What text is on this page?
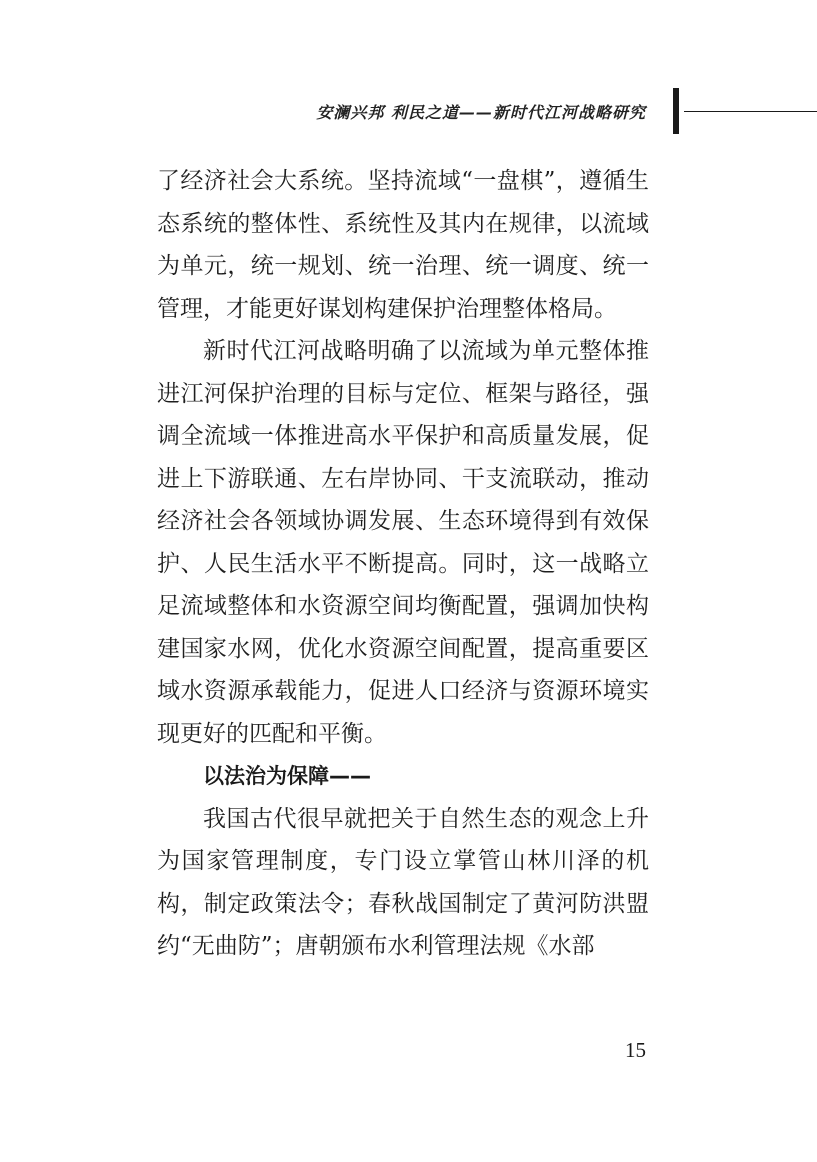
安澜兴邦 利民之道——新时代江河战略研究

了经济社会大系统。坚持流域“一盘棋”，遵循生态系统的整体性、系统性及其内在规律，以流域为单元，统一规划、统一治理、统一调度、统一管理，才能更好谋划构建保护治理整体格局。

新时代江河战略明确了以流域为单元整体推进江河保护治理的目标与定位、框架与路径，强调全流域一体推进高水平保护和高质量发展，促进上下游联通、左右岸协同、干支流联动，推动经济社会各领域协调发展、生态环境得到有效保护、人民生活水平不断提高。同时，这一战略立足流域整体和水资源空间均衡配置，强调加快构建国家水网，优化水资源空间配置，提高重要区域水资源承载能力，促进人口经济与资源环境实现更好的匹配和平衡。

以法治为保障——

我国古代很早就把关于自然生态的观念上升为国家管理制度，专门设立掌管山林川泽的机构，制定政策法令；春秋战国制定了黄河防洪盟约“无曲防”；唐朝颁布水利管理法规《水部

15
